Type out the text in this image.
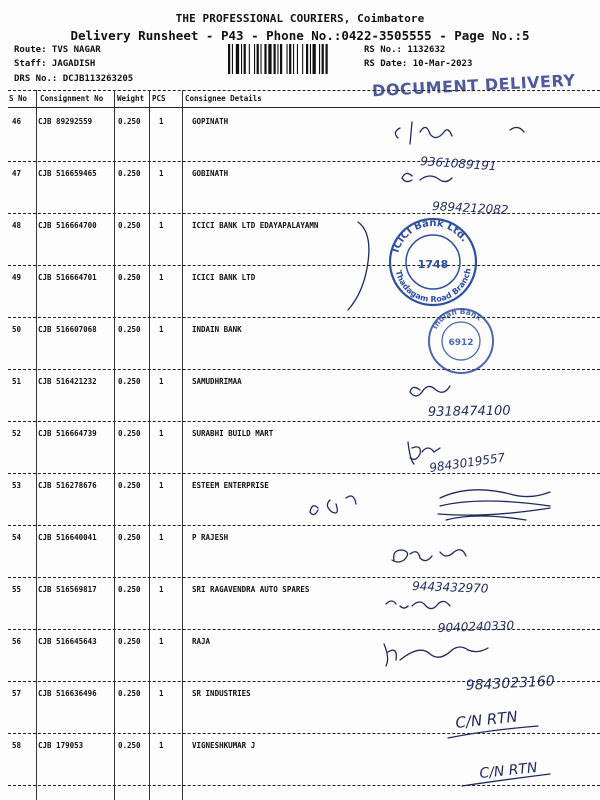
THE PROFESSIONAL COURIERS, Coimbatore
Delivery Runsheet - P43 - Phone No.:0422-3505555 - Page No.:5
Route: TVS NAGAR
Staff: JAGADISH
DRS No.: DCJB113263205
RS No.: 1132632
RS Date: 10-Mar-2023
DOCUMENT DELIVERY
S No Consignment No Weight PCS	Consignee Details
46 CJB 89292559	0.250 1	GOPINATH
47 CJB 516659465	0.250 1	GOBINATH
48 CJB 516664700	0.250 1	ICICI BANK LTD EDAYAPALAYAMN
49 CJB 516664701	0.250 1	ICICI BANK LTD
50 CJB 516607068	0.250 1	INDAIN BANK
51 CJB 516421232	0.250 1	SAMUDHRIMAA
52 CJB 516664739	0.250 1	SURABHI BUILD MART
53 CJB 516278676	0.250 1	ESTEEM ENTERPRISE
54 CJB 516640041	0.250 1	P RAJESH
55 CJB 516569817	0.250 1	SRI RAGAVENDRA AUTO SPARES
56 CJB 516645643	0.250 1	RAJA
57 CJB 516636496	0.250 1	SR INDUSTRIES
58 CJB 179053	0.250 1	VIGNESHKUMAR J
9361089191
9894212082
9318474100
9843019557
9443432970
9040240330
9843023160
C/N RTN
C/N RTN
ICICI Bank Ltd.
Thadagam Road Branch
1748
Indian Bank
6912
